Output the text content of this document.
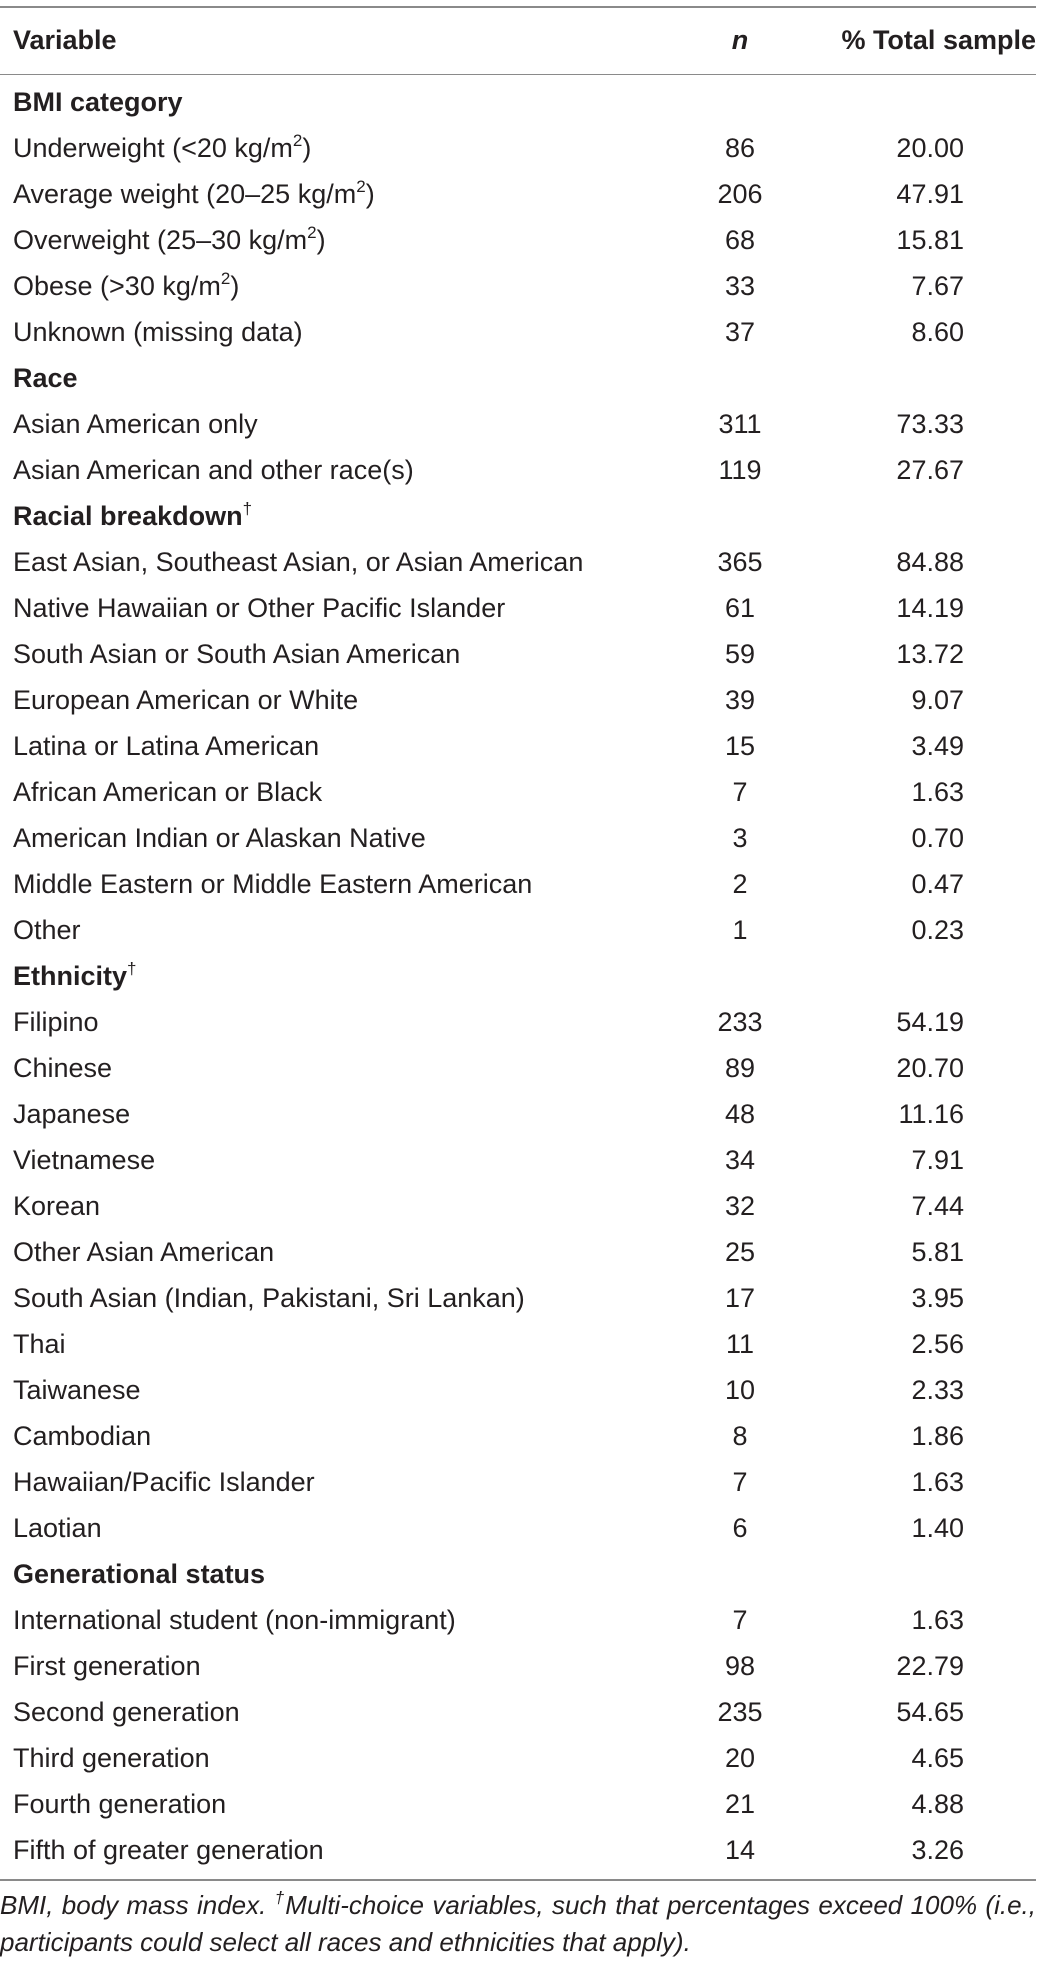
Variable	n	% Total sample
BMI category
Underweight (<20 $kg/m^2$)	86	20.00
Average weight (20–25 $kg/m^2$)	206	47.91
Overweight (25–30 $kg/m^2$)	68	15.81
Obese (>30 $kg/m^2$)	33	7.67
Unknown (missing data)	37	8.60
Race
Asian American only	311	73.33
Asian American and other race(s)	119	27.67
Racial breakdown†
East Asian, Southeast Asian, or Asian American	365	84.88
Native Hawaiian or Other Pacific Islander	61	14.19
South Asian or South Asian American	59	13.72
European American or White	39	9.07
Latina or Latina American	15	3.49
African American or Black	7	1.63
American Indian or Alaskan Native	3	0.70
Middle Eastern or Middle Eastern American	2	0.47
Other	1	0.23
Ethnicity†
Filipino	233	54.19
Chinese	89	20.70
Japanese	48	11.16
Vietnamese	34	7.91
Korean	32	7.44
Other Asian American	25	5.81
South Asian (Indian, Pakistani, Sri Lankan)	17	3.95
Thai	11	2.56
Taiwanese	10	2.33
Cambodian	8	1.86
Hawaiian/Pacific Islander	7	1.63
Laotian	6	1.40
Generational status
International student (non-immigrant)	7	1.63
First generation	98	22.79
Second generation	235	54.65
Third generation	20	4.65
Fourth generation	21	4.88
Fifth of greater generation	14	3.26
BMI, body mass index. †Multi-choice variables, such that percentages exceed 100% (i.e., participants could select all races and ethnicities that apply).
